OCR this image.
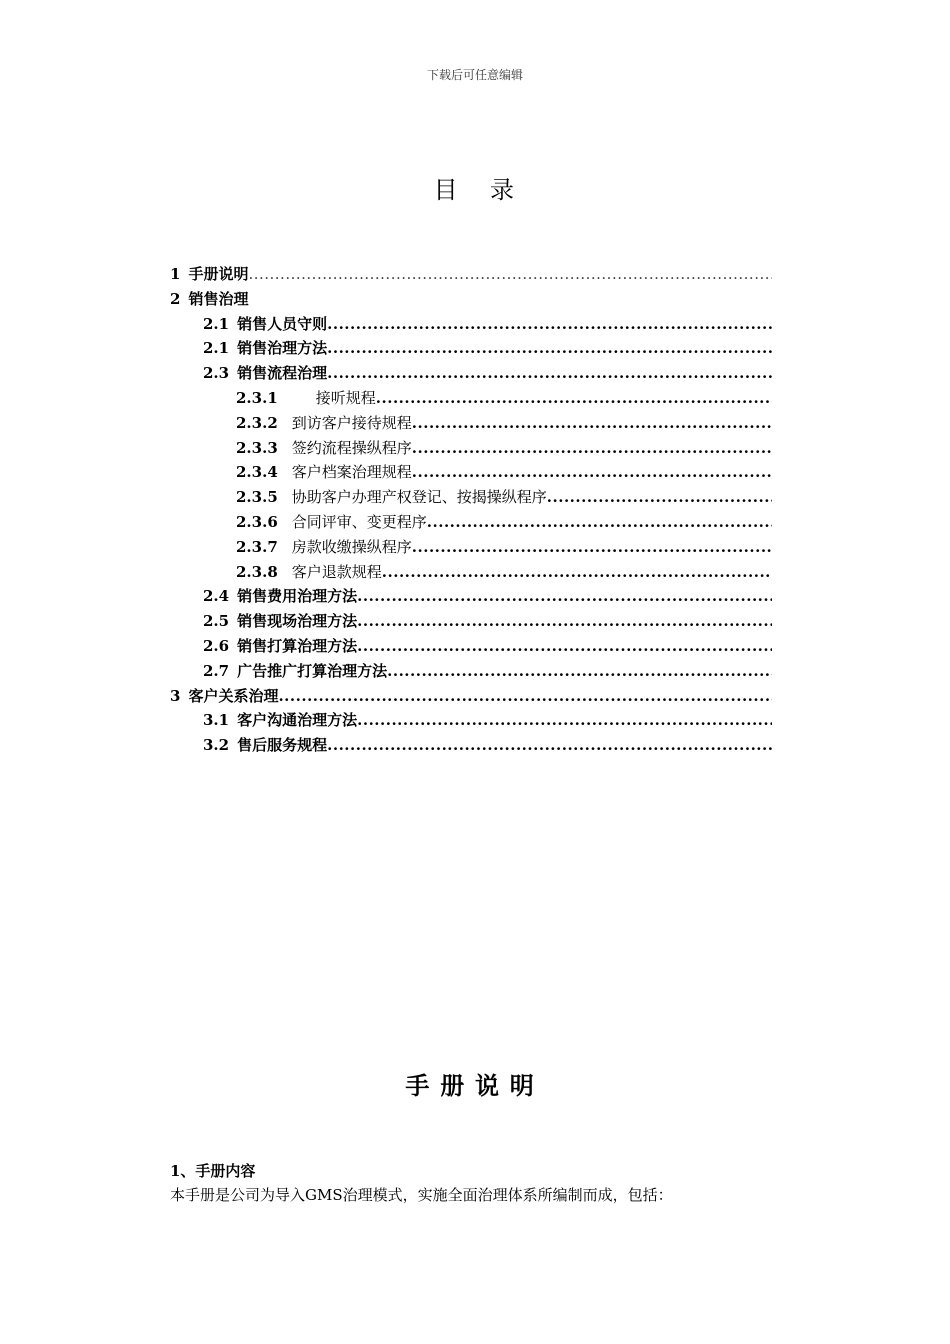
下载后可任意编辑
目 录
1 手册说明
.....
2 销售治理
2.1 销售人员守则
.....
2.1 销售治理方法
.....
2.3 销售流程治理
.....
2.3.1	接听规程
.....
2.3.2 到访客户接待规程
.....
2.3.3 签约流程操纵程序
.....
2.3.4 客户档案治理规程
.....
2.3.5 协助客户办理产权登记、按揭操纵程序
.....
2.3.6 合同评审、变更程序
.....
2.3.7 房款收缴操纵程序
.....
2.3.8 客户退款规程
.....
2.4 销售费用治理方法
.....
2.5 销售现场治理方法
.....
2.6 销售打算治理方法
.....
2.7 广告推广打算治理方法
.....
3 客户关系治理
.....
3.1 客户沟通治理方法
.....
3.2 售后服务规程
.....
手册说明
1、手册内容
本手册是公司为导入GMS治理模式，实施全面治理体系所编制而成，包括：
